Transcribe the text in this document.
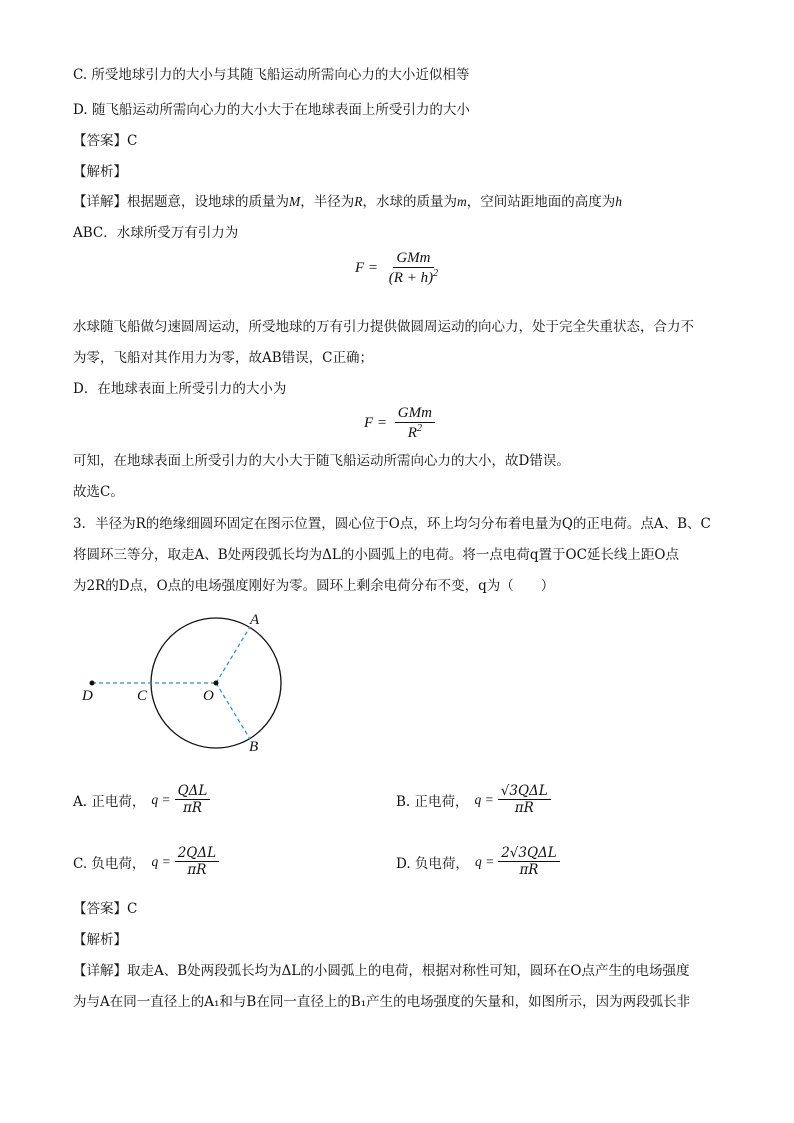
C. 所受地球引力的大小与其随飞船运动所需向心力的大小近似相等
D. 随飞船运动所需向心力的大小大于在地球表面上所受引力的大小
【答案】C
【解析】
【详解】根据题意，设地球的质量为M，半径为R，水球的质量为m，空间站距地面的高度为h
ABC．水球所受万有引力为
$F = \frac{\text{GMm}}{(R + h)^2}$
水球随飞船做匀速圆周运动，所受地球的万有引力提供做圆周运动的向心力，处于完全失重状态，合力不
为零，飞船对其作用力为零，故AB错误，C正确；
D．在地球表面上所受引力的大小为
$F = \frac{\text{GMm}}{R^2}$
可知，在地球表面上所受引力的大小大于随飞船运动所需向心力的大小，故D错误。
故选C。
3．半径为R的绝缘细圆环固定在图示位置，圆心位于O点，环上均匀分布着电量为Q的正电荷。点A、B、C
将圆环三等分，取走A、B处两段弧长均为ΔL的小圆弧上的电荷。将一点电荷q置于OC延长线上距O点
为2R的D点，O点的电场强度刚好为零。圆环上剩余电荷分布不变，q为（　　）
A
B
C
D	O
A. 正电荷， $q = \frac{\text{QΔL}}{\pi R}$	B. 正电荷， $q = \frac{\text{√3QΔL}}{\pi R}$
C. 负电荷， $q = \frac{\text{2QΔL}}{\pi R}$	D. 负电荷， $q = \frac{\text{2√3QΔL}}{\pi R}$
【答案】C
【解析】
【详解】取走A、B处两段弧长均为ΔL的小圆弧上的电荷，根据对称性可知，圆环在O点产生的电场强度
为与A在同一直径上的A₁和与B在同一直径上的B₁产生的电场强度的矢量和，如图所示，因为两段弧长非
